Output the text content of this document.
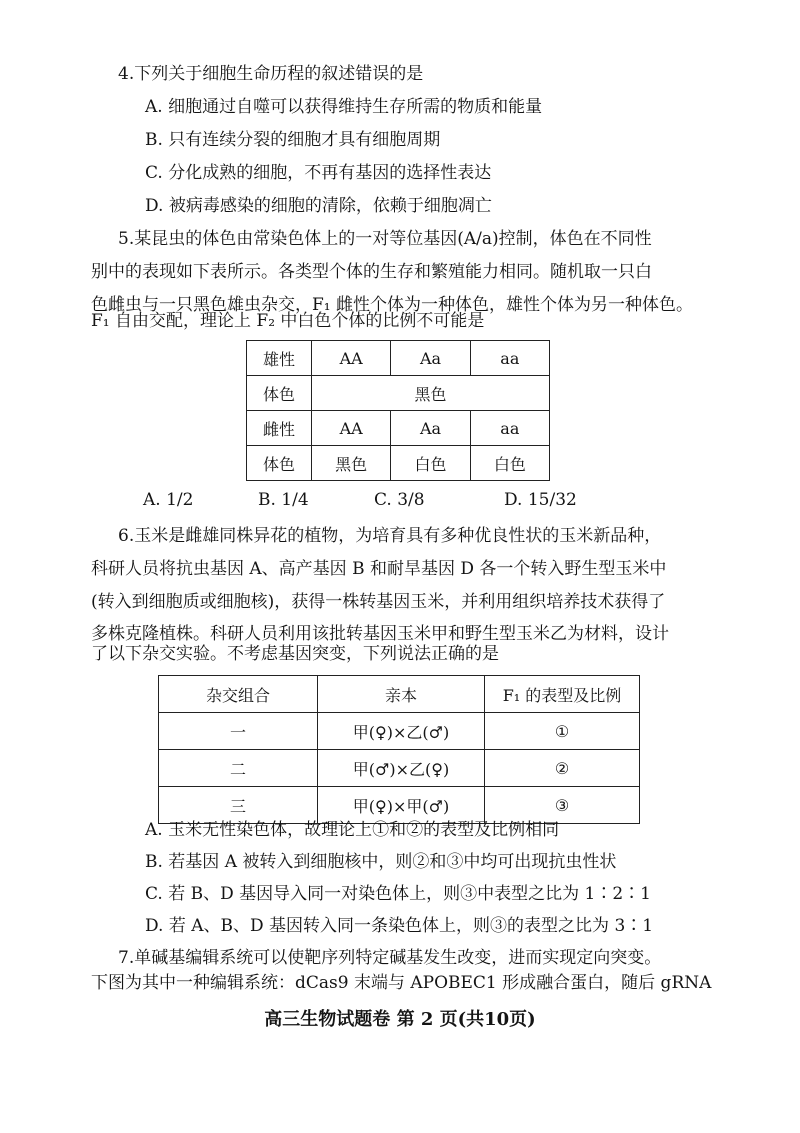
4.下列关于细胞生命历程的叙述错误的是
A. 细胞通过自噬可以获得维持生存所需的物质和能量
B. 只有连续分裂的细胞才具有细胞周期
C. 分化成熟的细胞，不再有基因的选择性表达
D. 被病毒感染的细胞的清除，依赖于细胞凋亡
5.某昆虫的体色由常染色体上的一对等位基因(A/a)控制，体色在不同性
别中的表现如下表所示。各类型个体的生存和繁殖能力相同。随机取一只白
色雌虫与一只黑色雄虫杂交，F₁ 雌性个体为一种体色，雄性个体为另一种体色。
F₁ 自由交配，理论上 F₂ 中白色个体的比例不可能是
雄性	AA	Aa	aa
体色	黑色		
雌性	AA	Aa	aa
体色	黑色	白色	白色
A. 1/2	B. 1/4	C. 3/8	D. 15/32
6.玉米是雌雄同株异花的植物，为培育具有多种优良性状的玉米新品种，
科研人员将抗虫基因 A、高产基因 B 和耐旱基因 D 各一个转入野生型玉米中
(转入到细胞质或细胞核)，获得一株转基因玉米，并利用组织培养技术获得了
多株克隆植株。科研人员利用该批转基因玉米甲和野生型玉米乙为材料，设计
了以下杂交实验。不考虑基因突变，下列说法正确的是
杂交组合	亲本	F₁ 的表型及比例
一	甲(♀)×乙(♂)	①
二	甲(♂)×乙(♀)	②
三	甲(♀)×甲(♂)	③
A. 玉米无性染色体，故理论上①和②的表型及比例相同
B. 若基因 A 被转入到细胞核中，则②和③中均可出现抗虫性状
C. 若 B、D 基因导入同一对染色体上，则③中表型之比为 1∶2∶1
D. 若 A、B、D 基因转入同一条染色体上，则③的表型之比为 3∶1
7.单碱基编辑系统可以使靶序列特定碱基发生改变，进而实现定向突变。
下图为其中一种编辑系统：dCas9 末端与 APOBEC1 形成融合蛋白，随后 gRNA
高三生物试题卷 第 2 页(共10页)
